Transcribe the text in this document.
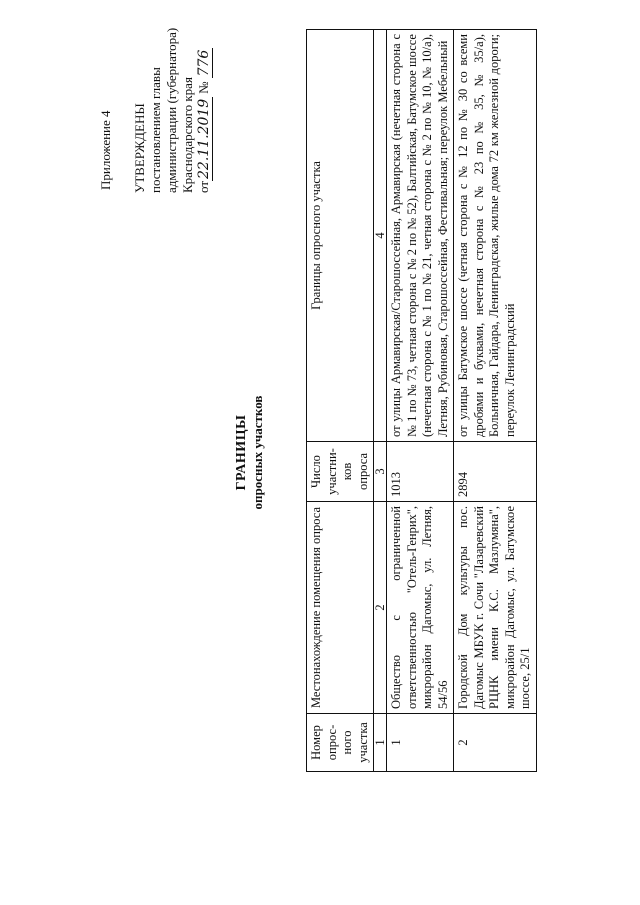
Приложение 4 УТВЕРЖДЕНЫ постановлением главы администрации (губернатора) Краснодарского края от
22.11.2019
№
776
ГРАНИЦЫ опросных участков
Номер опрос-ного участка	Местонахождение помещения опроса	Число участни-ков опроса	Границы опросного участка
1	2	3	4
1	Общество с ограниченной ответственностью "Отель-Генрих", микрорайон Дагомыс, ул. Летняя, 54/56	1013	от улицы Армавирская/Старошоссейная, Армавирская (нечетная сторона с № 1 по № 73, четная сторона с № 2 по № 52), Балтийская, Батумское шоссе (нечетная сторона с № 1 по № 21, четная сторона с № 2 по № 10, № 10/а), Летняя, Рубиновая, Старошоссейная, Фестивальная; переулок Мебельный
2	Городской Дом культуры пос. Дагомыс МБУК г. Сочи "Лазаревский РЦНК имени К.С. Мазлумяна", микрорайон Дагомыс, ул. Батумское шоссе, 25/1	2894	от улицы Батумское шоссе (четная сторона с № 12 по № 30 со всеми дробями и буквами, нечетная сторона с № 23 по № 35, № 35/а), Больничная, Гайдара, Ленинградская, жилые дома 72 км железной дороги; переулок Ленинградский
